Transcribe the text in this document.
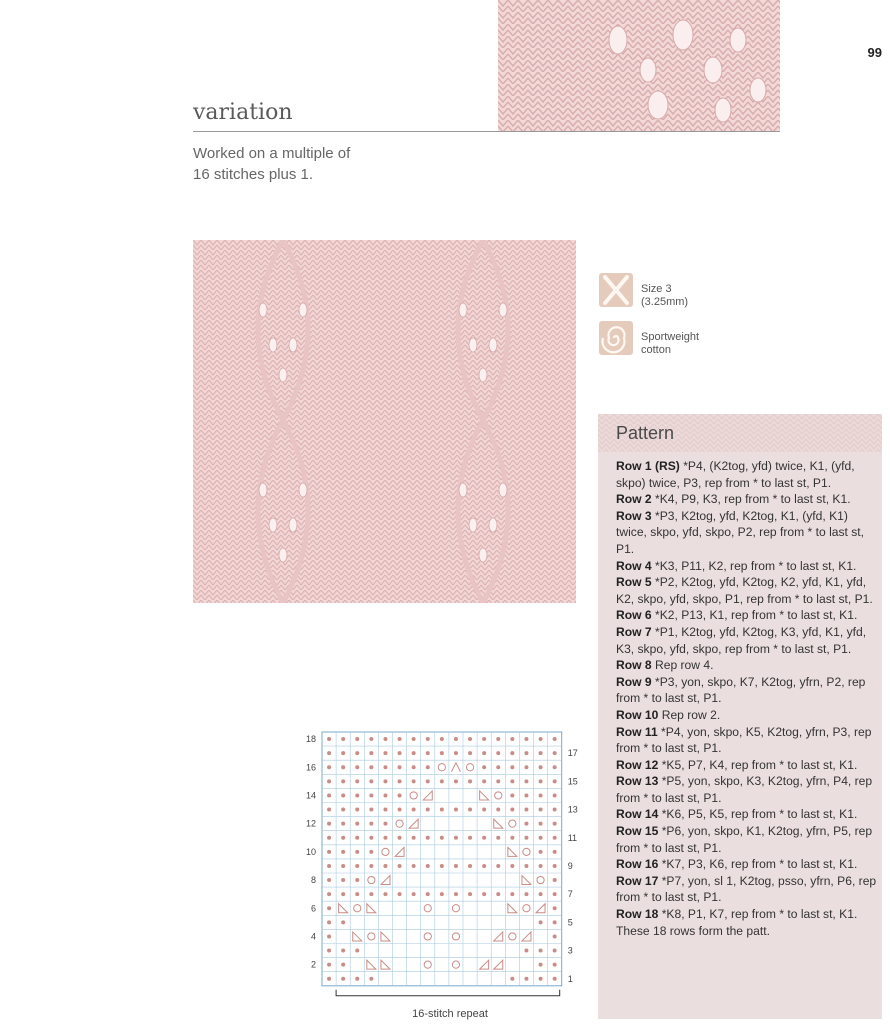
99
variation
Worked on a multiple of
16 stitches plus 1.
Size 3
(3.25mm)
Sportweight
cotton
Pattern

Row 1 (RS) *P4, (K2tog, yfd) twice, K1, (yfd, skpo) twice, P3, rep from * to last st, P1.

Row 2 *K4, P9, K3, rep from * to last st, K1.

Row 3 *P3, K2tog, yfd, K2tog, K1, (yfd, K1) twice, skpo, yfd, skpo, P2, rep from * to last st, P1.

Row 4 *K3, P11, K2, rep from * to last st, K1.

Row 5 *P2, K2tog, yfd, K2tog, K2, yfd, K1, yfd, K2, skpo, yfd, skpo, P1, rep from * to last st, P1.

Row 6 *K2, P13, K1, rep from * to last st, K1.

Row 7 *P1, K2tog, yfd, K2tog, K3, yfd, K1, yfd, K3, skpo, yfd, skpo, rep from * to last st, P1.

Row 8 Rep row 4.

Row 9 *P3, yon, skpo, K7, K2tog, yfrn, P2, rep from * to last st, P1.

Row 10 Rep row 2.

Row 11 *P4, yon, skpo, K5, K2tog, yfrn, P3, rep from * to last st, P1.

Row 12 *K5, P7, K4, rep from * to last st, K1.

Row 13 *P5, yon, skpo, K3, K2tog, yfrn, P4, rep from * to last st, P1.

Row 14 *K6, P5, K5, rep from * to last st, K1.

Row 15 *P6, yon, skpo, K1, K2tog, yfrn, P5, rep from * to last st, P1.

Row 16 *K7, P3, K6, rep from * to last st, K1.

Row 17 *P7, yon, sl 1, K2tog, psso, yfrn, P6, rep from * to last st, P1.

Row 18 *K8, P1, K7, rep from * to last st, K1.

These 18 rows form the patt.

18
16
14
12
10
8
6
4
2
17
15
13
11
9
7
5
3
1
16-stitch repeat
